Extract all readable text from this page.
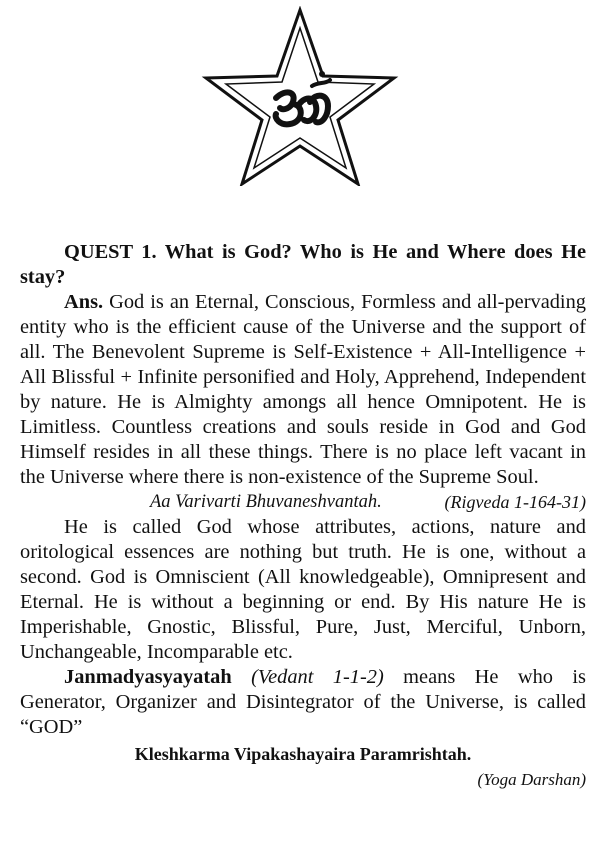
QUEST 1. What is God? Who is He and Where does He stay?

Ans. God is an Eternal, Conscious, Formless and all-pervading entity who is the efficient cause of the Universe and the support of all. The Benevolent Supreme is Self-Existence + All-Intelligence + All Blissful + Infinite personified and Holy, Apprehend, Independent by nature. He is Almighty amongs all hence Omnipotent. He is Limitless. Countless creations and souls reside in God and God Himself resides in all these things. There is no place left vacant in the Universe where there is non-existence of the Supreme Soul.

Aa Varivarti Bhuvaneshvantah.	(Rigveda 1-164-31)

He is called God whose attributes, actions, nature and oritological essences are nothing but truth. He is one, without a second. God is Omniscient (All knowledgeable), Omnipresent and Eternal. He is without a beginning or end. By His nature He is Imperishable, Gnostic, Blissful, Pure, Just, Merciful, Unborn, Unchangeable, Incomparable etc.

Janmadyasyayatah (Vedant 1-1-2) means He who is Generator, Organizer and Disintegrator of the Universe, is called “GOD”

Kleshkarma Vipakashayaira Paramrishtah.
(Yoga Darshan)
